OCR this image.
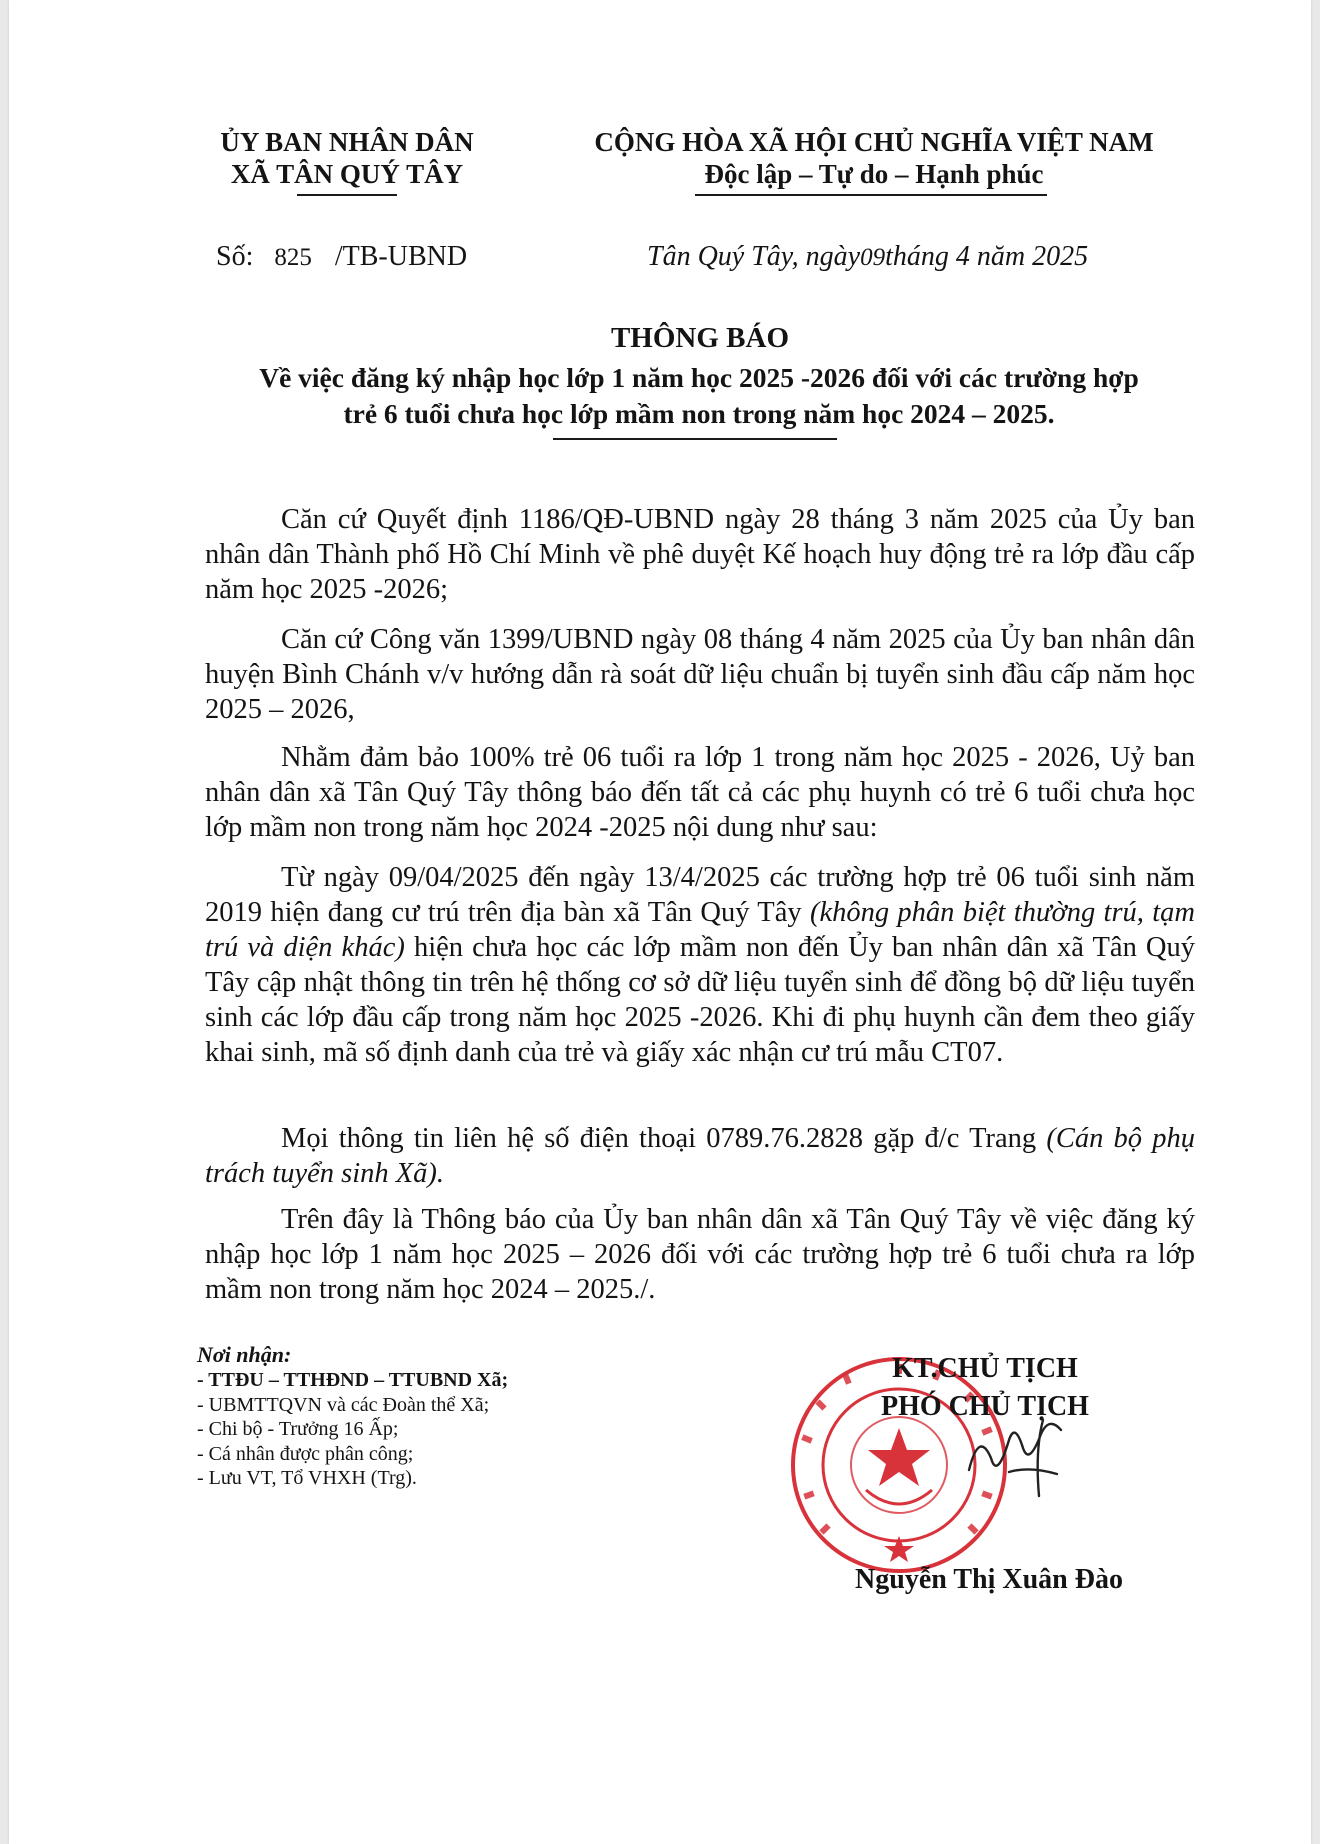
ỦY BAN NHÂN DÂN
XÃ TÂN QUÝ TÂY
CỘNG HÒA XÃ HỘI CHỦ NGHĨA VIỆT NAM
Độc lập – Tự do – Hạnh phúc
Số: 825 /TB-UBND	Tân Quý Tây, ngày09tháng 4 năm 2025
THÔNG BÁO
Về việc đăng ký nhập học lớp 1 năm học 2025 -2026 đối với các trường hợp
trẻ 6 tuổi chưa học lớp mầm non trong năm học 2024 – 2025.

Căn cứ Quyết định 1186/QĐ-UBND ngày 28 tháng 3 năm 2025 của Ủy ban nhân dân Thành phố Hồ Chí Minh về phê duyệt Kế hoạch huy động trẻ ra lớp đầu cấp năm học 2025 -2026;

Căn cứ Công văn 1399/UBND ngày 08 tháng 4 năm 2025 của Ủy ban nhân dân huyện Bình Chánh v/v hướng dẫn rà soát dữ liệu chuẩn bị tuyển sinh đầu cấp năm học 2025 – 2026,

Nhằm đảm bảo 100% trẻ 06 tuổi ra lớp 1 trong năm học 2025 - 2026, Uỷ ban nhân dân xã Tân Quý Tây thông báo đến tất cả các phụ huynh có trẻ 6 tuổi chưa học lớp mầm non trong năm học 2024 -2025 nội dung như sau:

Từ ngày 09/04/2025 đến ngày 13/4/2025 các trường hợp trẻ 06 tuổi sinh năm 2019 hiện đang cư trú trên địa bàn xã Tân Quý Tây (không phân biệt thường trú, tạm trú và diện khác) hiện chưa học các lớp mầm non đến Ủy ban nhân dân xã Tân Quý Tây cập nhật thông tin trên hệ thống cơ sở dữ liệu tuyển sinh để đồng bộ dữ liệu tuyển sinh các lớp đầu cấp trong năm học 2025 -2026. Khi đi phụ huynh cần đem theo giấy khai sinh, mã số định danh của trẻ và giấy xác nhận cư trú mẫu CT07.

Mọi thông tin liên hệ số điện thoại 0789.76.2828 gặp đ/c Trang (Cán bộ phụ trách tuyển sinh Xã).

Trên đây là Thông báo của Ủy ban nhân dân xã Tân Quý Tây về việc đăng ký nhập học lớp 1 năm học 2025 – 2026 đối với các trường hợp trẻ 6 tuổi chưa ra lớp mầm non trong năm học 2024 – 2025./.

Nơi nhận:
- TTĐU – TTHĐND – TTUBND Xã;
- UBMTTQVN và các Đoàn thể Xã;
- Chi bộ - Trưởng 16 Ấp;
- Cá nhân được phân công;
- Lưu VT, Tổ VHXH (Trg).
KT.CHỦ TỊCH
PHÓ CHỦ TỊCH
Nguyễn Thị Xuân Đào
